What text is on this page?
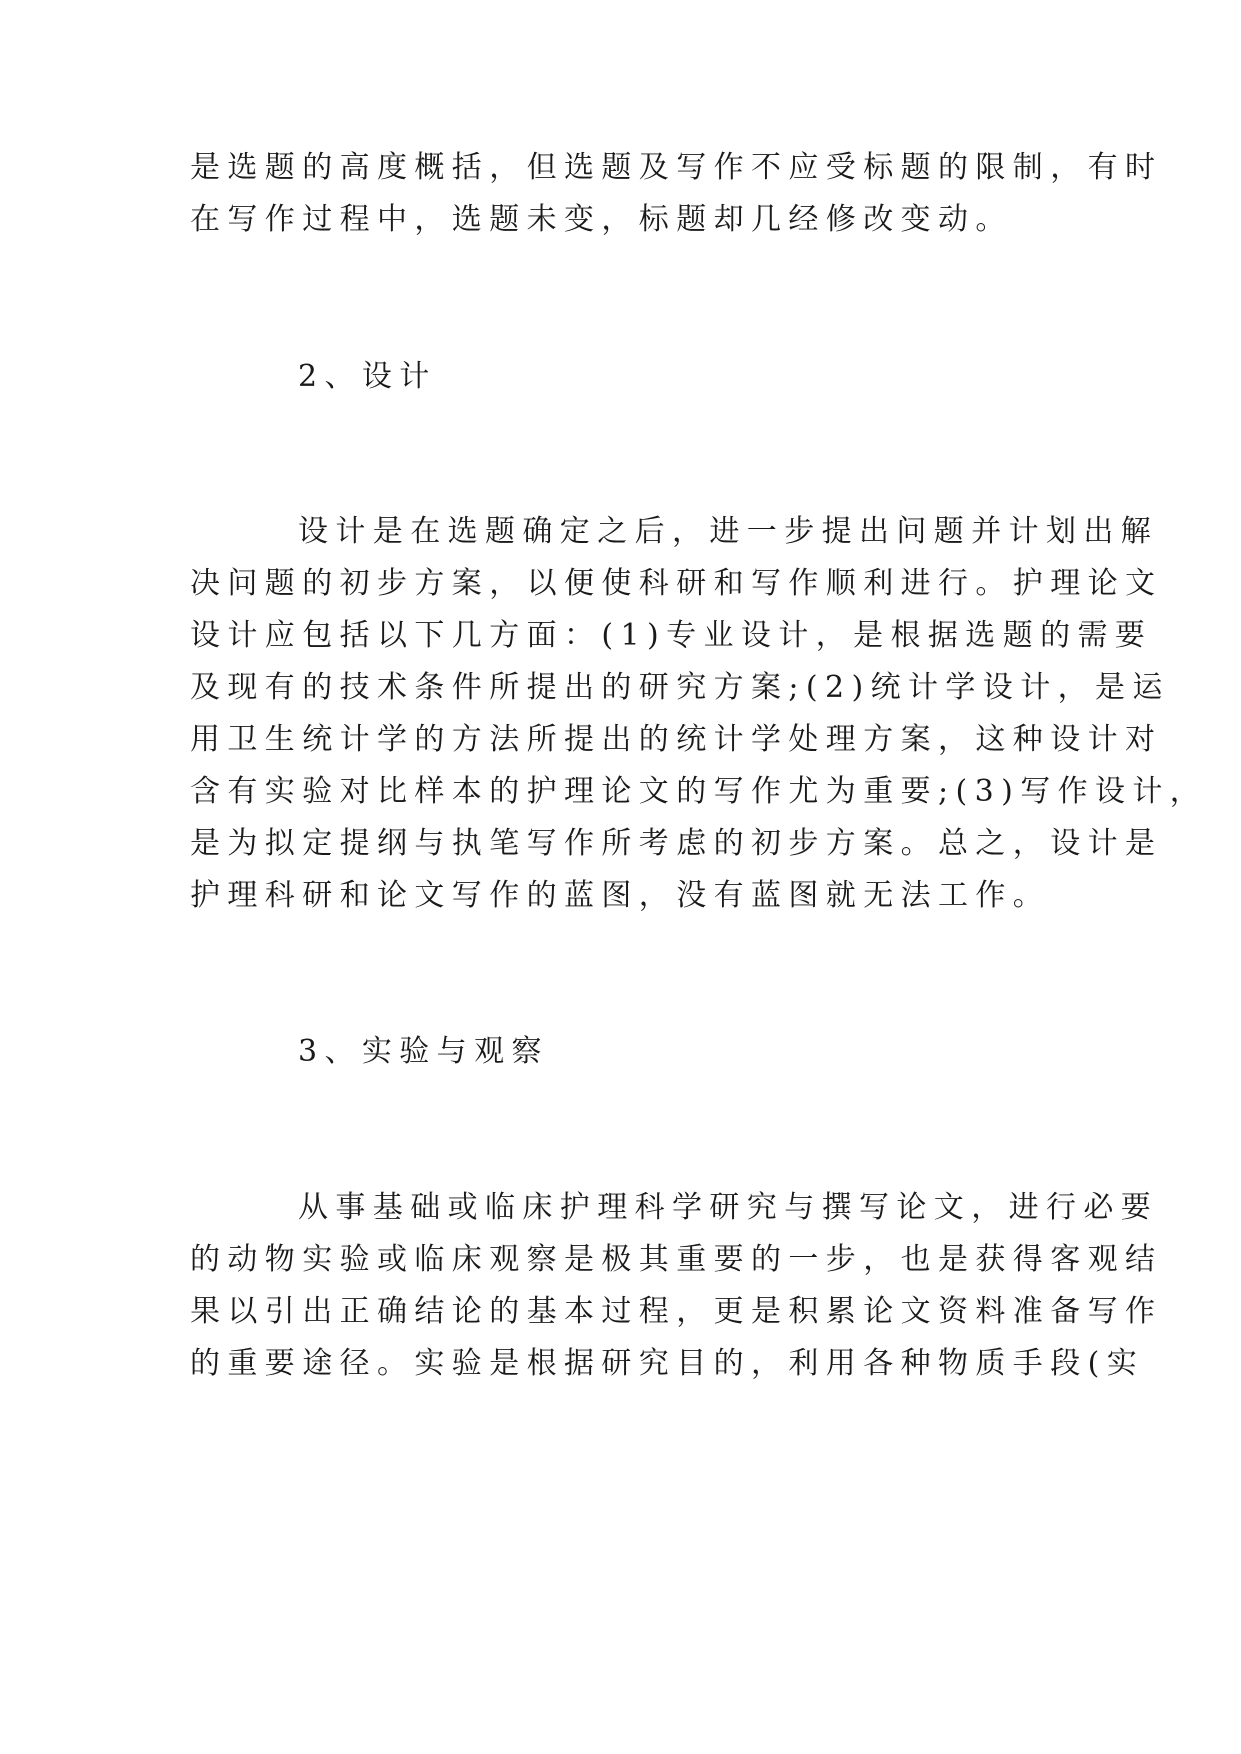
是选题的高度概括，但选题及写作不应受标题的限制，有时
在写作过程中，选题未变，标题却几经修改变动。
2、设计
设计是在选题确定之后，进一步提出问题并计划出解
决问题的初步方案，以便使科研和写作顺利进行。护理论文
设计应包括以下几方面：(1)专业设计，是根据选题的需要
及现有的技术条件所提出的研究方案;(2)统计学设计，是运
用卫生统计学的方法所提出的统计学处理方案，这种设计对
含有实验对比样本的护理论文的写作尤为重要;(3)写作设计，
是为拟定提纲与执笔写作所考虑的初步方案。总之，设计是
护理科研和论文写作的蓝图，没有蓝图就无法工作。
3、实验与观察
从事基础或临床护理科学研究与撰写论文，进行必要
的动物实验或临床观察是极其重要的一步，也是获得客观结
果以引出正确结论的基本过程，更是积累论文资料准备写作
的重要途径。实验是根据研究目的，利用各种物质手段(实
